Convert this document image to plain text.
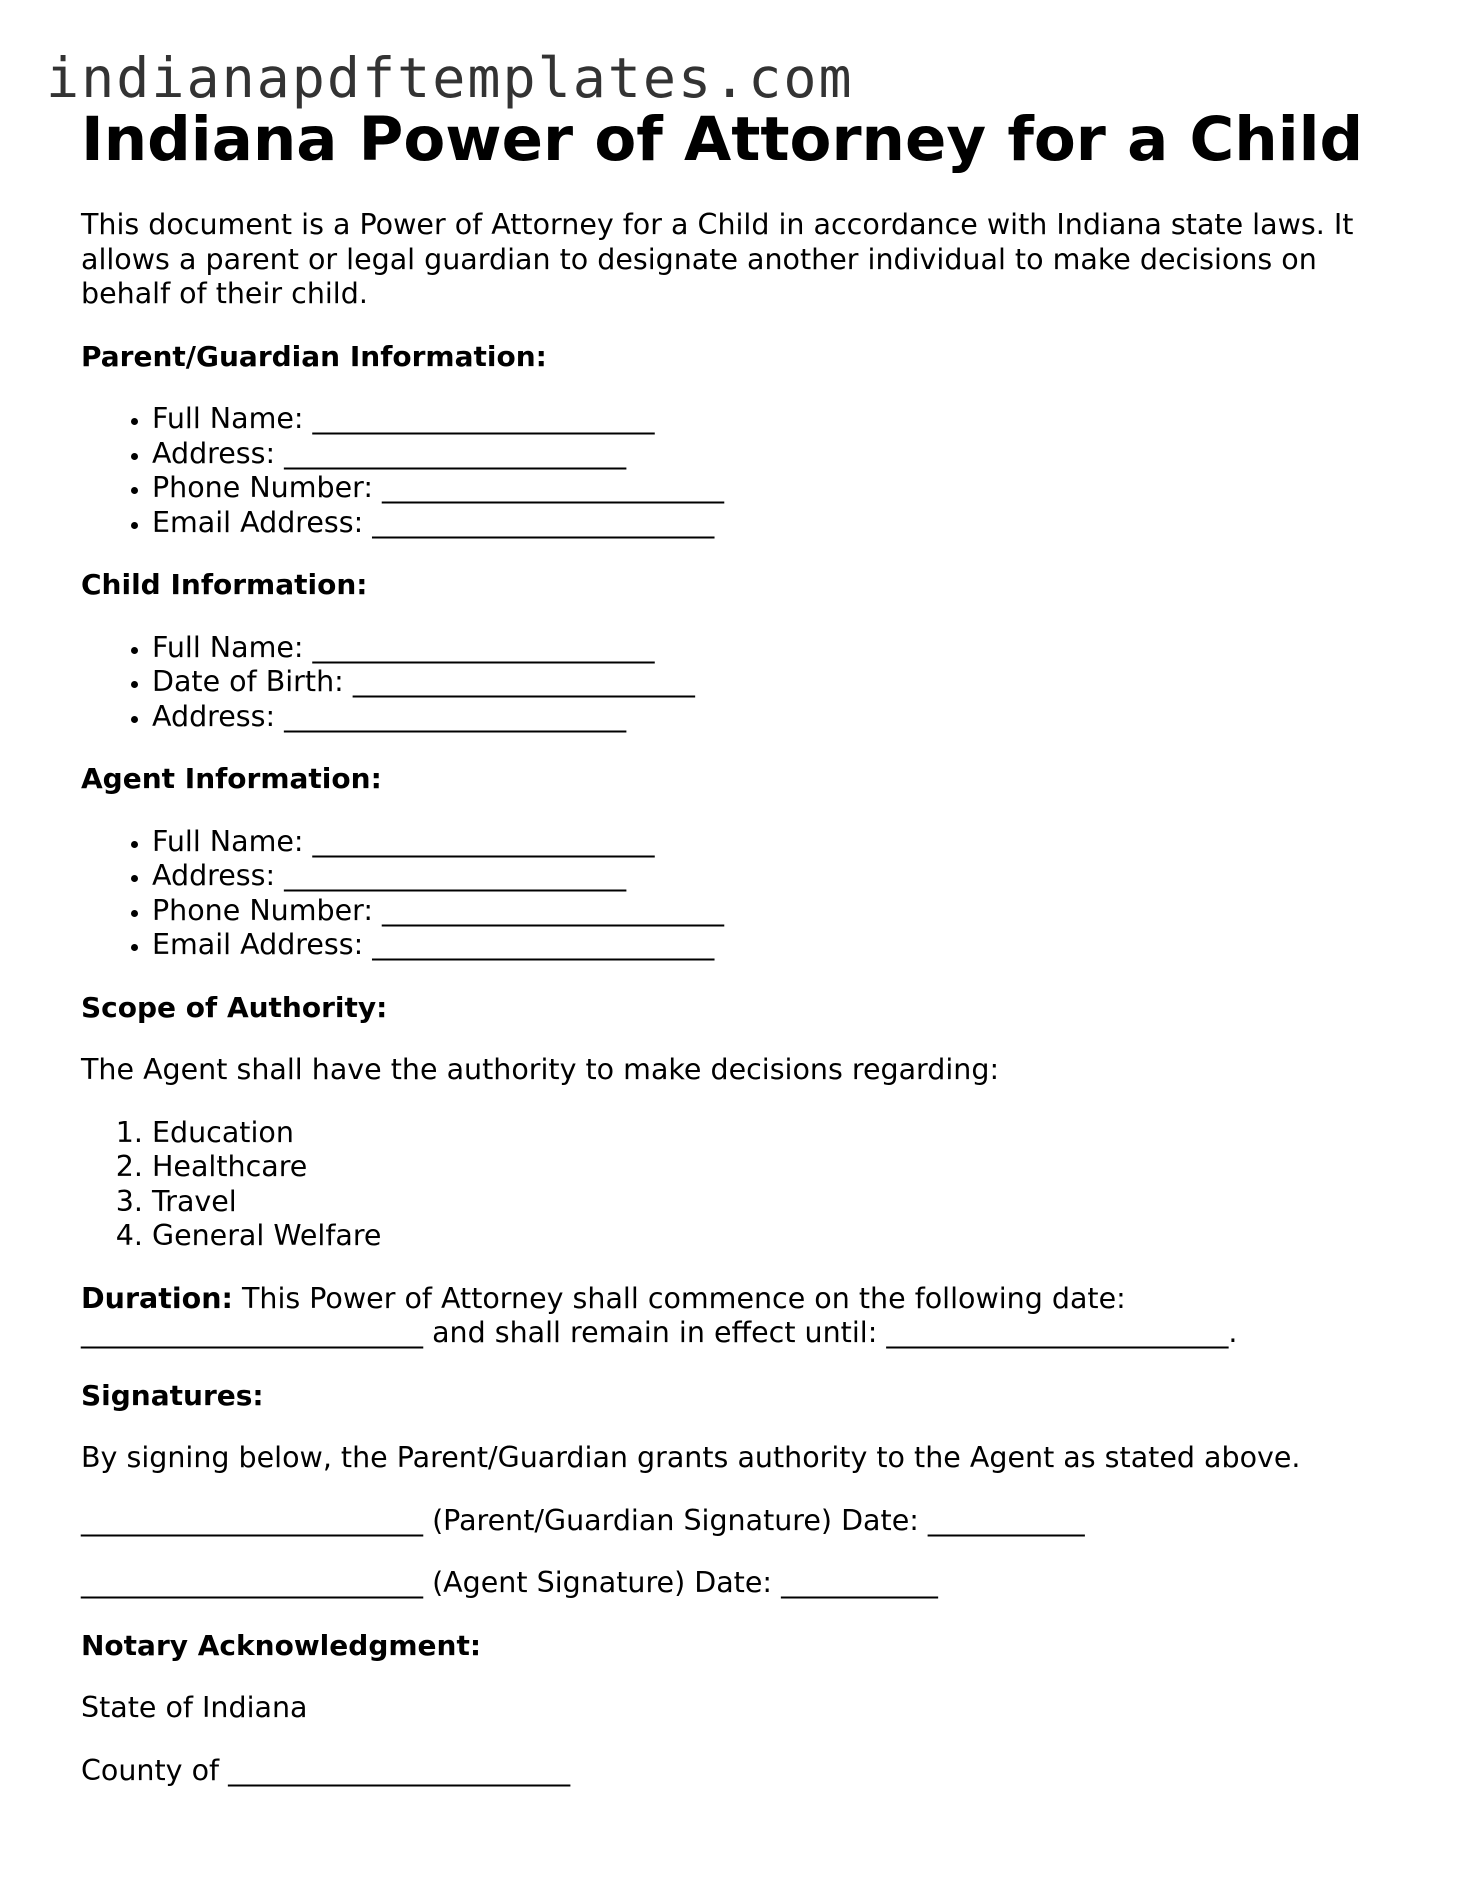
indianapdftemplates.com
Indiana Power of Attorney for a Child

This document is a Power of Attorney for a Child in accordance with Indiana state laws. It allows a parent or legal guardian to designate another individual to make decisions on behalf of their child.

Parent/Guardian Information:

• Full Name: ________________________
• Address: ________________________
• Phone Number: ________________________
• Email Address: ________________________

Child Information:

• Full Name: ________________________
• Date of Birth: ________________________
• Address: ________________________

Agent Information:

• Full Name: ________________________
• Address: ________________________
• Phone Number: ________________________
• Email Address: ________________________

Scope of Authority:

The Agent shall have the authority to make decisions regarding:

1. Education
2. Healthcare
3. Travel
4. General Welfare

Duration: This Power of Attorney shall commence on the following date:
________________________ and shall remain in effect until: ________________________.

Signatures:

By signing below, the Parent/Guardian grants authority to the Agent as stated above.

________________________ (Parent/Guardian Signature) Date: ___________

________________________ (Agent Signature) Date: ___________

Notary Acknowledgment:

State of Indiana

County of ________________________
